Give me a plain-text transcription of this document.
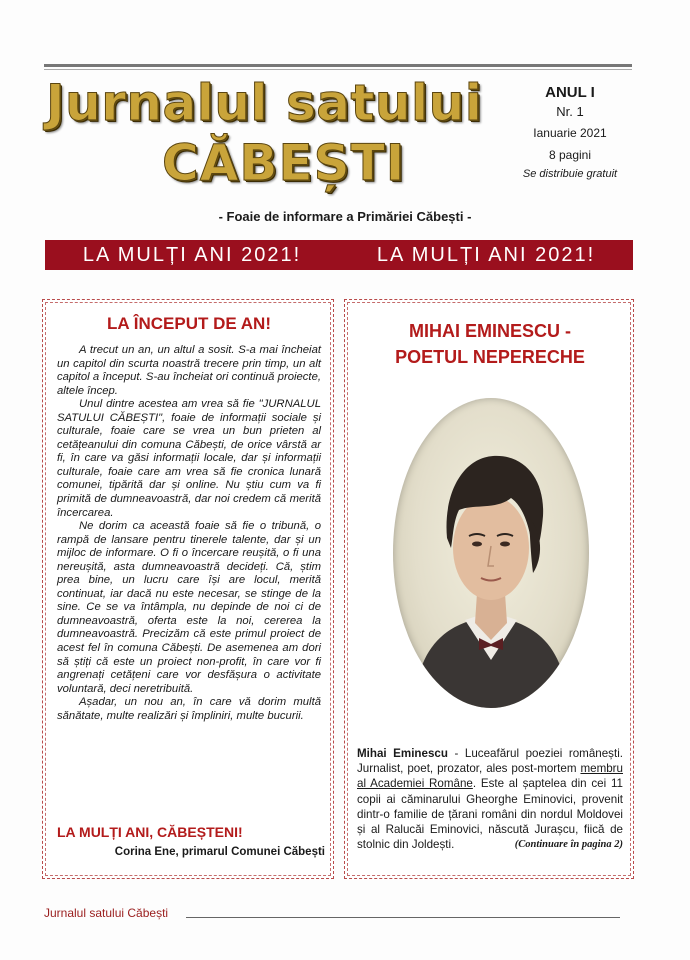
Jurnalul satului
CĂBEȘTI
ANUL I
Nr. 1
Ianuarie 2021
8 pagini
Se distribuie gratuit
- Foaie de informare a Primăriei Căbești -
LA MULȚI ANI 2021!	LA MULȚI ANI 2021!
LA ÎNCEPUT DE AN!

A trecut un an, un altul a sosit. S-a mai încheiat un capitol din scurta noastră trecere prin timp, un alt capitol a început. S-au încheiat ori continuă proiecte, altele încep.

Unul dintre acestea am vrea să fie "JURNALUL SATULUI CĂBEȘTI", foaie de informații sociale și culturale, foaie care se vrea un bun prieten al cetățeanului din comuna Căbești, de orice vârstă ar fi, în care va găsi informații locale, dar și informații culturale, foaie care am vrea să fie cronica lunară comunei, tipărită dar și online. Nu știu cum va fi primită de dumneavoastră, dar noi credem că merită încercarea.

Ne dorim ca această foaie să fie o tribună, o rampă de lansare pentru tinerele talente, dar și un mijloc de informare. O fi o încercare reușită, o fi una nereușită, asta dumneavoastră decideți. Că, știm prea bine, un lucru care își are locul, merită continuat, iar dacă nu este necesar, se stinge de la sine. Ce se va întâmpla, nu depinde de noi ci de dumneavoastră, oferta este la noi, cererea la dumneavoastră. Precizăm că este primul proiect de acest fel în comuna Căbești. De asemenea am dori să știți că este un proiect non-profit, în care vor fi angrenați cetățeni care vor desfășura o activitate voluntară, deci neretribuită.

Așadar, un nou an, în care vă dorim multă sănătate, multe realizări și împliniri, multe bucurii.

LA MULȚI ANI, CĂBEȘTENI!
Corina Ene, primarul Comunei Căbești
MIHAI EMINESCU -
POETUL NEPERECHE
Mihai Eminescu - Luceafărul poeziei românești. Jurnalist, poet, prozator, ales post-mortem membru al Academiei Române. Este al șaptelea din cei 11 copii ai căminarului Gheorghe Eminovici, provenit dintr-o familie de țărani români din nordul Moldovei și al Ralucăi Eminovici, născută Jurașcu, fiică de stolnic din Joldești.	(Continuare în pagina 2)
Jurnalul satului Căbești
